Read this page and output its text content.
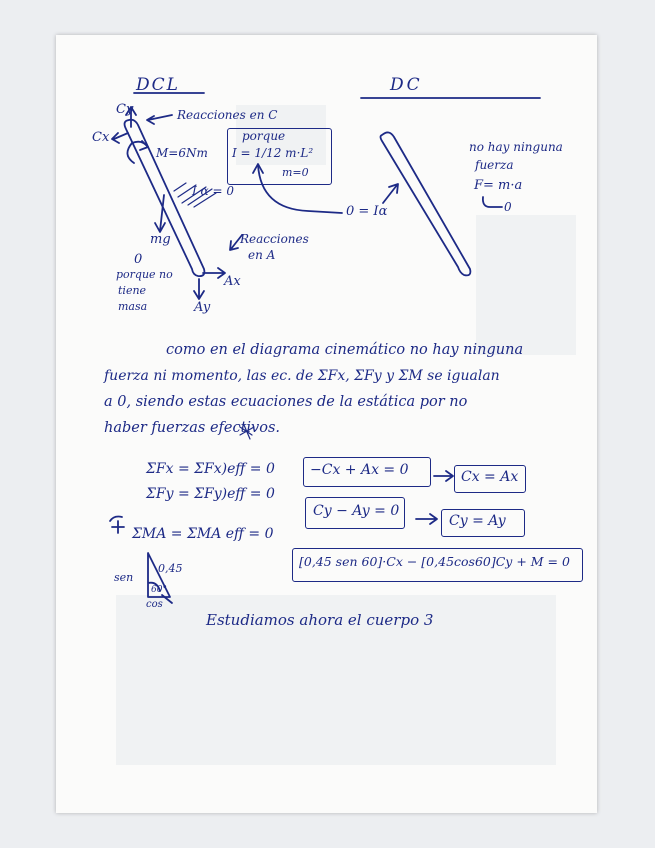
DCL	DC
Cy
Cx
Reacciones en C
M=6Nm
porque
I = 1/12 m·L²
m=0
I α = 0
mg
0
porque no
tiene
masa
Reacciones
en A
Ax
Ay
0 = Iα
no hay ninguna
fuerza
F= m·a
0
como en el diagrama cinemático no hay ninguna
fuerza ni momento, las ec. de ΣFx, ΣFy y ΣM se igualan
a 0, siendo estas ecuaciones de la estática por no
haber fuerzas efectivos.
ΣFx = ΣFx)eff = 0	−Cx + Ax = 0	Cx = Ax
ΣFy = ΣFy)eff = 0
Cy − Ay = 0
Cy = Ay
ΣMA = ΣMA eff = 0
[0,45 sen 60]·Cx − [0,45cos60]Cy + M = 0
sen
0,45
60°
cos
Estudiamos ahora el cuerpo 3
